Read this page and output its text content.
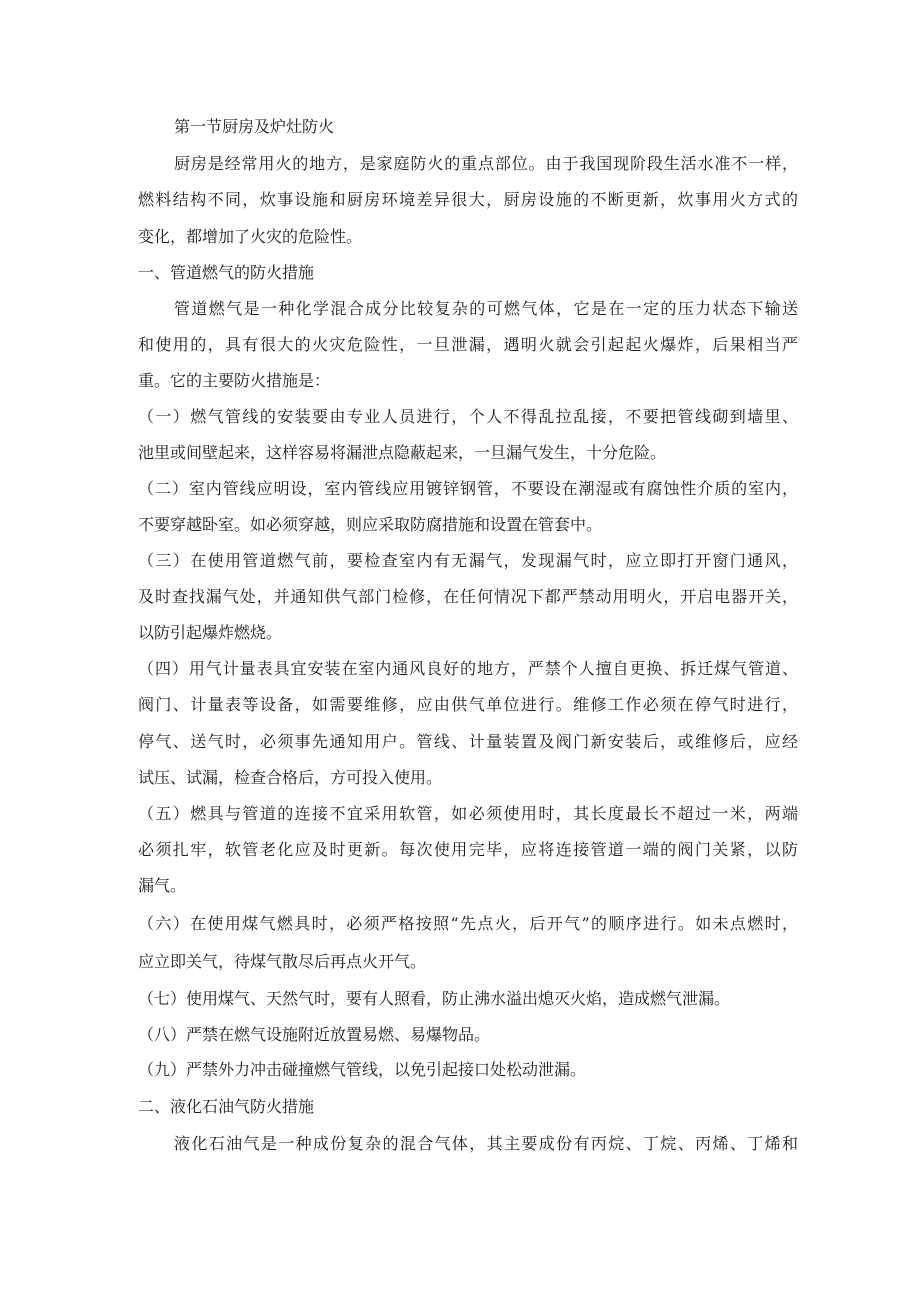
第一节厨房及炉灶防火
厨房是经常用火的地方，是家庭防火的重点部位。由于我国现阶段生活水准不一样，
燃料结构不同，炊事设施和厨房环境差异很大，厨房设施的不断更新，炊事用火方式的
变化，都增加了火灾的危险性。
一、管道燃气的防火措施
管道燃气是一种化学混合成分比较复杂的可燃气体，它是在一定的压力状态下输送
和使用的，具有很大的火灾危险性，一旦泄漏，遇明火就会引起起火爆炸，后果相当严
重。它的主要防火措施是：
（一）燃气管线的安装要由专业人员进行，个人不得乱拉乱接，不要把管线砌到墙里、
池里或间壁起来，这样容易将漏泄点隐蔽起来，一旦漏气发生，十分危险。
（二）室内管线应明设，室内管线应用镀锌钢管，不要设在潮湿或有腐蚀性介质的室内，
不要穿越卧室。如必须穿越，则应采取防腐措施和设置在管套中。
（三）在使用管道燃气前，要检查室内有无漏气，发现漏气时，应立即打开窗门通风，
及时查找漏气处，并通知供气部门检修，在任何情况下都严禁动用明火，开启电器开关，
以防引起爆炸燃烧。
（四）用气计量表具宜安装在室内通风良好的地方，严禁个人擅自更换、拆迁煤气管道、
阀门、计量表等设备，如需要维修，应由供气单位进行。维修工作必须在停气时进行，
停气、送气时，必须事先通知用户。管线、计量装置及阀门新安装后，或维修后，应经
试压、试漏，检查合格后，方可投入使用。
（五）燃具与管道的连接不宜采用软管，如必须使用时，其长度最长不超过一米，两端
必须扎牢，软管老化应及时更新。每次使用完毕，应将连接管道一端的阀门关紧，以防
漏气。
（六）在使用煤气燃具时，必须严格按照“先点火，后开气”的顺序进行。如未点燃时，
应立即关气，待煤气散尽后再点火开气。
（七）使用煤气、天然气时，要有人照看，防止沸水溢出熄灭火焰，造成燃气泄漏。
（八）严禁在燃气设施附近放置易燃、易爆物品。
（九）严禁外力冲击碰撞燃气管线，以免引起接口处松动泄漏。
二、液化石油气防火措施
液化石油气是一种成份复杂的混合气体，其主要成份有丙烷、丁烷、丙烯、丁烯和
